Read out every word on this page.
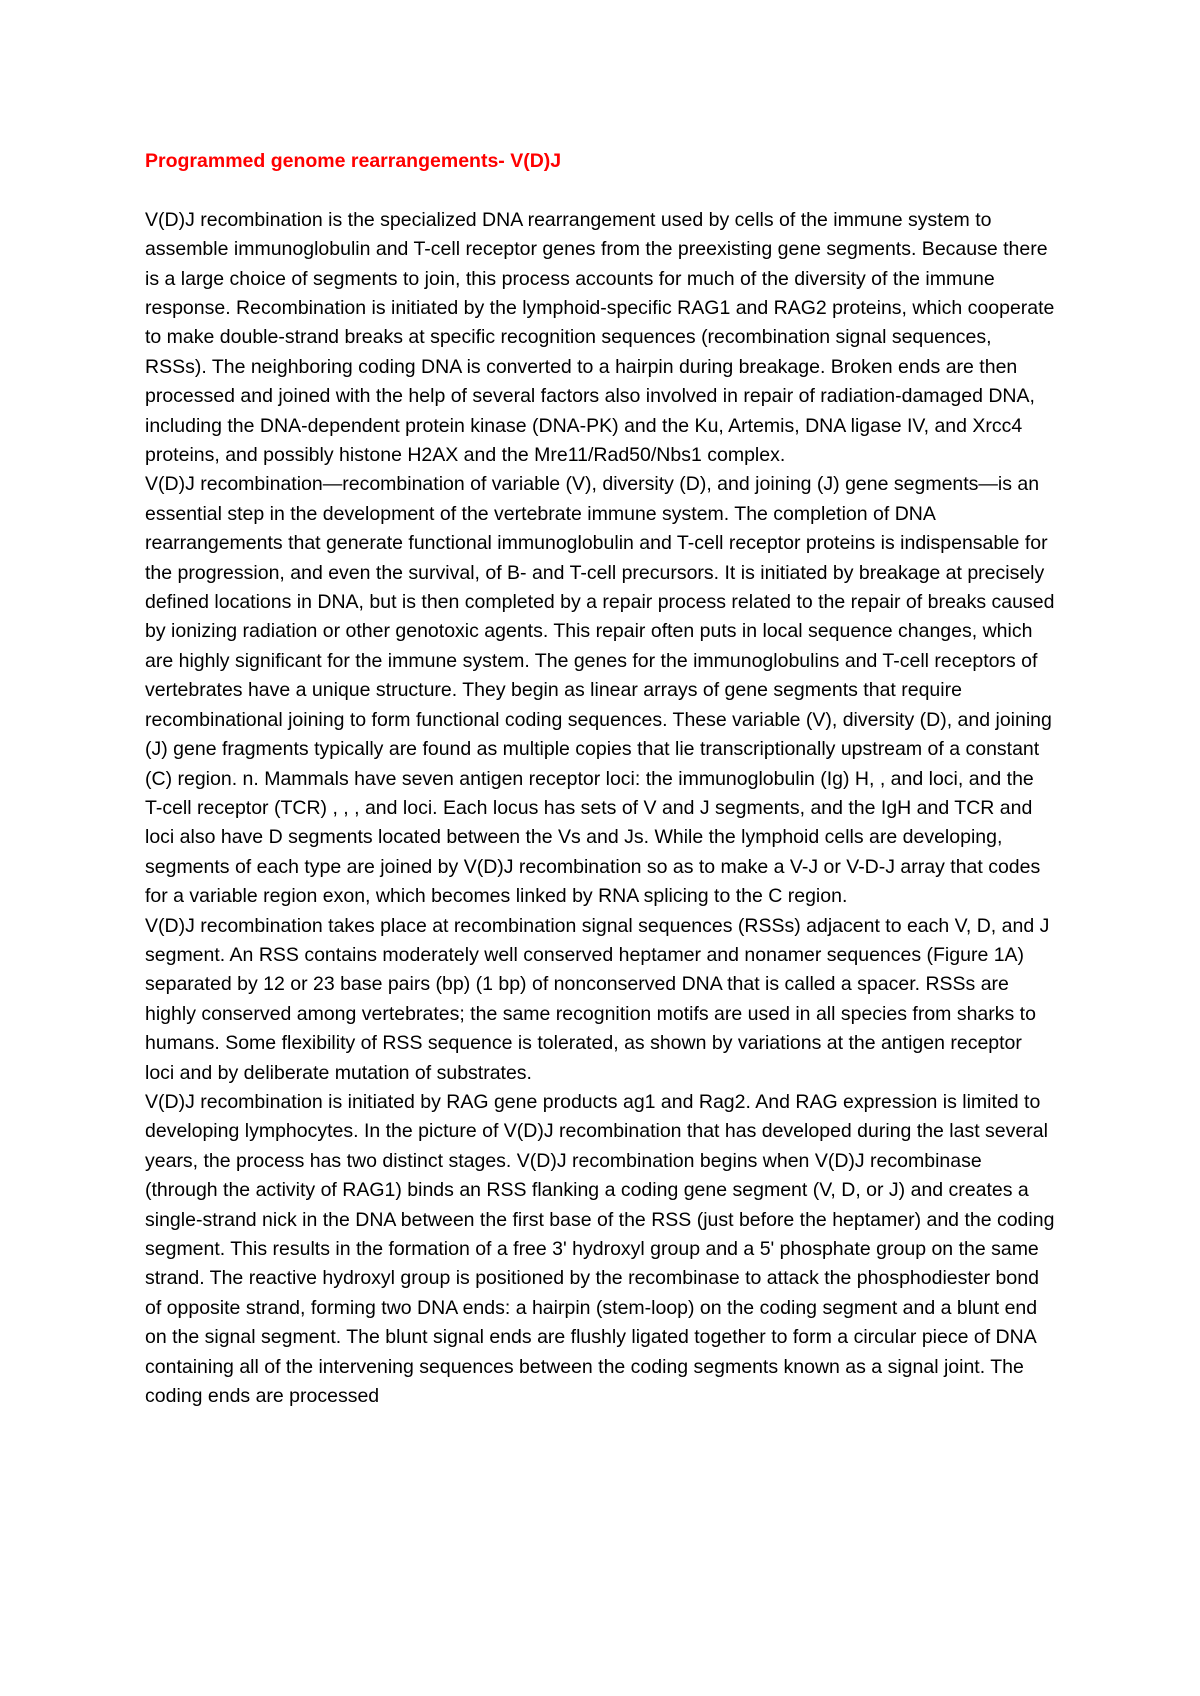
Programmed genome rearrangements- V(D)J

V(D)J recombination is the specialized DNA rearrangement used by cells of the immune system to assemble immunoglobulin and T-cell receptor genes from the preexisting gene segments. Because there is a large choice of segments to join, this process accounts for much of the diversity of the immune response. Recombination is initiated by the lymphoid-specific RAG1 and RAG2 proteins, which cooperate to make double-strand breaks at specific recognition sequences (recombination signal sequences, RSSs). The neighboring coding DNA is converted to a hairpin during breakage. Broken ends are then processed and joined with the help of several factors also involved in repair of radiation-damaged DNA, including the DNA-dependent protein kinase (DNA-PK) and the Ku, Artemis, DNA ligase IV, and Xrcc4 proteins, and possibly histone H2AX and the Mre11/Rad50/Nbs1 complex.

V(D)J recombination—recombination of variable (V), diversity (D), and joining (J) gene segments—is an essential step in the development of the vertebrate immune system. The completion of DNA rearrangements that generate functional immunoglobulin and T-cell receptor proteins is indispensable for the progression, and even the survival, of B- and T-cell precursors. It is initiated by breakage at precisely defined locations in DNA, but is then completed by a repair process related to the repair of breaks caused by ionizing radiation or other genotoxic agents. This repair often puts in local sequence changes, which are highly significant for the immune system. The genes for the immunoglobulins and T-cell receptors of vertebrates have a unique structure. They begin as linear arrays of gene segments that require recombinational joining to form functional coding sequences. These variable (V), diversity (D), and joining (J) gene fragments typically are found as multiple copies that lie transcriptionally upstream of a constant (C) region. n. Mammals have seven antigen receptor loci: the immunoglobulin (Ig) H, , and loci, and the T-cell receptor (TCR) , , , and loci. Each locus has sets of V and J segments, and the IgH and TCR and loci also have D segments located between the Vs and Js. While the lymphoid cells are developing, segments of each type are joined by V(D)J recombination so as to make a V-J or V-D-J array that codes for a variable region exon, which becomes linked by RNA splicing to the C region.

V(D)J recombination takes place at recombination signal sequences (RSSs) adjacent to each V, D, and J segment. An RSS contains moderately well conserved heptamer and nonamer sequences (Figure 1A) separated by 12 or 23 base pairs (bp) (1 bp) of nonconserved DNA that is called a spacer. RSSs are highly conserved among vertebrates; the same recognition motifs are used in all species from sharks to humans. Some flexibility of RSS sequence is tolerated, as shown by variations at the antigen receptor loci and by deliberate mutation of substrates.

V(D)J recombination is initiated by RAG gene products ag1 and Rag2. And RAG expression is limited to developing lymphocytes. In the picture of V(D)J recombination that has developed during the last several years, the process has two distinct stages. V(D)J recombination begins when V(D)J recombinase (through the activity of RAG1) binds an RSS flanking a coding gene segment (V, D, or J) and creates a single-strand nick in the DNA between the first base of the RSS (just before the heptamer) and the coding segment. This results in the formation of a free 3' hydroxyl group and a 5' phosphate group on the same strand. The reactive hydroxyl group is positioned by the recombinase to attack the phosphodiester bond of opposite strand, forming two DNA ends: a hairpin (stem-loop) on the coding segment and a blunt end on the signal segment. The blunt signal ends are flushly ligated together to form a circular piece of DNA containing all of the intervening sequences between the coding segments known as a signal joint. The coding ends are processed
